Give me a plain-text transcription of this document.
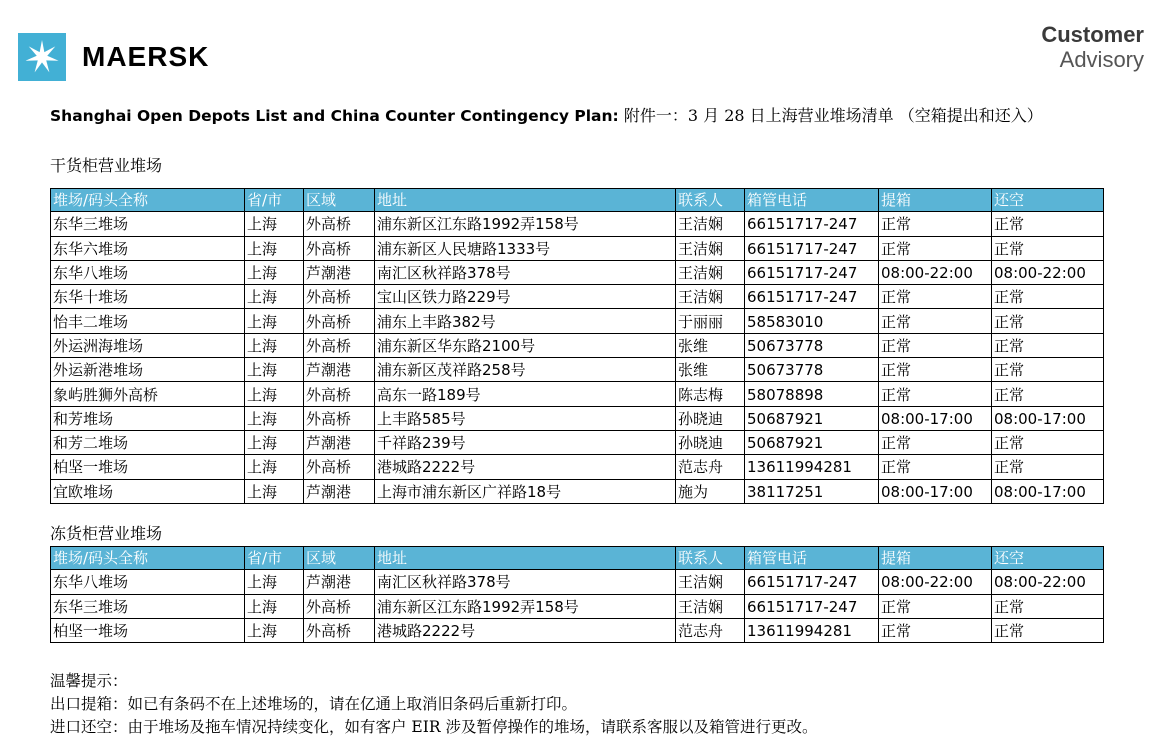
MAERSK
Customer
Advisory
Shanghai Open Depots List and China Counter Contingency Plan: 附件一：3 月 28 日上海营业堆场清单 （空箱提出和还入）
干货柜营业堆场
堆场/码头全称	省/市	区域	地址	联系人	箱管电话	提箱	还空
东华三堆场	上海	外高桥	浦东新区江东路1992弄158号	王洁娴	66151717-247	正常	正常
东华六堆场	上海	外高桥	浦东新区人民塘路1333号	王洁娴	66151717-247	正常	正常
东华八堆场	上海	芦潮港	南汇区秋祥路378号	王洁娴	66151717-247	08:00-22:00	08:00-22:00
东华十堆场	上海	外高桥	宝山区铁力路229号	王洁娴	66151717-247	正常	正常
怡丰二堆场	上海	外高桥	浦东上丰路382号	于丽丽	58583010	正常	正常
外运洲海堆场	上海	外高桥	浦东新区华东路2100号	张维	50673778	正常	正常
外运新港堆场	上海	芦潮港	浦东新区茂祥路258号	张维	50673778	正常	正常
象屿胜狮外高桥	上海	外高桥	高东一路189号	陈志梅	58078898	正常	正常
和芳堆场	上海	外高桥	上丰路585号	孙晓迪	50687921	08:00-17:00	08:00-17:00
和芳二堆场	上海	芦潮港	千祥路239号	孙晓迪	50687921	正常	正常
柏坚一堆场	上海	外高桥	港城路2222号	范志舟	13611994281	正常	正常
宜欧堆场	上海	芦潮港	上海市浦东新区广祥路18号	施为	38117251	08:00-17:00	08:00-17:00
冻货柜营业堆场
堆场/码头全称	省/市	区域	地址	联系人	箱管电话	提箱	还空
东华八堆场	上海	芦潮港	南汇区秋祥路378号	王洁娴	66151717-247	08:00-22:00	08:00-22:00
东华三堆场	上海	外高桥	浦东新区江东路1992弄158号	王洁娴	66151717-247	正常	正常
柏坚一堆场	上海	外高桥	港城路2222号	范志舟	13611994281	正常	正常
温馨提示：
出口提箱：如已有条码不在上述堆场的，请在亿通上取消旧条码后重新打印。
进口还空：由于堆场及拖车情况持续变化，如有客户 EIR 涉及暂停操作的堆场，请联系客服以及箱管进行更改。
